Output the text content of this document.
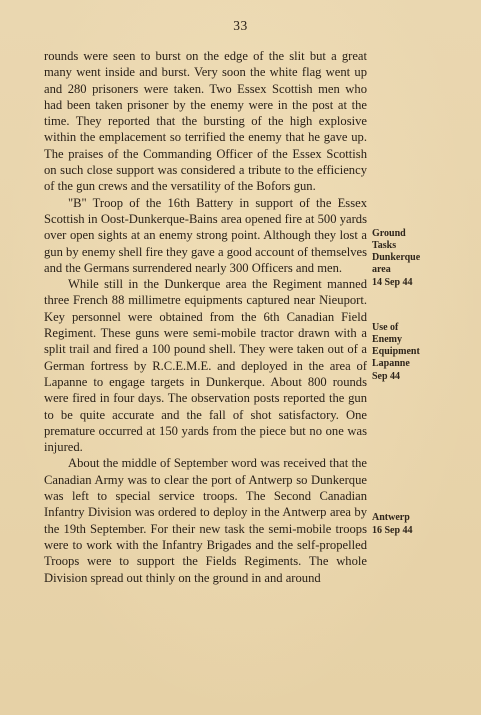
33

rounds were seen to burst on the edge of the slit but a great many went inside and burst. Very soon the white flag went up and 280 prisoners were taken. Two Essex Scottish men who had been taken prisoner by the enemy were in the post at the time. They reported that the bursting of the high explosive within the emplacement so terrified the enemy that he gave up. The praises of the Commanding Officer of the Essex Scottish on such close support was considered a tribute to the efficiency of the gun crews and the versatility of the Bofors gun.

"B" Troop of the 16th Battery in support of the Essex Scottish in Oost-Dunkerque-Bains area opened fire at 500 yards over open sights at an enemy strong point. Although they lost a gun by enemy shell fire they gave a good account of themselves and the Germans surrendered nearly 300 Officers and men.

While still in the Dunkerque area the Regiment manned three French 88 millimetre equipments captured near Nieuport. Key personnel were obtained from the 6th Canadian Field Regiment. These guns were semi-mobile tractor drawn with a split trail and fired a 100 pound shell. They were taken out of a German fortress by R.C.E.M.E. and deployed in the area of Lapanne to engage targets in Dunkerque. About 800 rounds were fired in four days. The observation posts reported the gun to be quite accurate and the fall of shot satisfactory. One premature occurred at 150 yards from the piece but no one was injured.

About the middle of September word was received that the Canadian Army was to clear the port of Antwerp so Dunkerque was left to special service troops. The Second Canadian Infantry Division was ordered to deploy in the Antwerp area by the 19th September. For their new task the semi-mobile troops were to work with the Infantry Brigades and the self-propelled Troops were to support the Fields Regiments. The whole Division spread out thinly on the ground in and around

Ground
Tasks
Dunkerque
area
14 Sep 44
Use of
Enemy
Equipment
Lapanne
Sep 44
Antwerp
16 Sep 44
